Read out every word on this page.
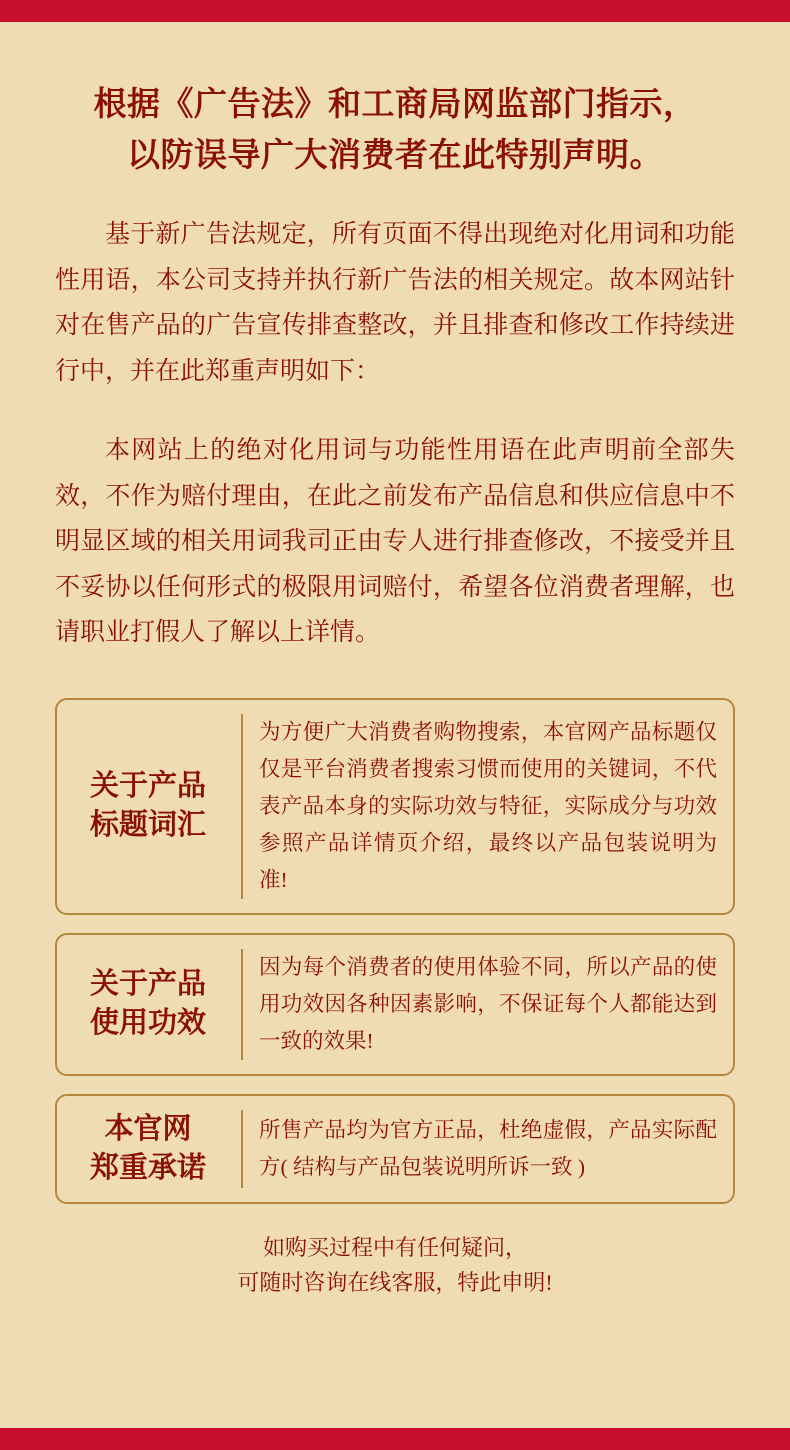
根据《广告法》和工商局网监部门指示，
以防误导广大消费者在此特别声明。

基于新广告法规定，所有页面不得出现绝对化用词和功能性用语，本公司支持并执行新广告法的相关规定。故本网站针对在售产品的广告宣传排查整改，并且排查和修改工作持续进行中，并在此郑重声明如下：

本网站上的绝对化用词与功能性用语在此声明前全部失效，不作为赔付理由，在此之前发布产品信息和供应信息中不明显区域的相关用词我司正由专人进行排查修改，不接受并且不妥协以任何形式的极限用词赔付，希望各位消费者理解，也请职业打假人了解以上详情。

关于产品
标题词汇
为方便广大消费者购物搜索，本官网产品标题仅仅是平台消费者搜索习惯而使用的关键词，不代表产品本身的实际功效与特征，实际成分与功效参照产品详情页介绍，最终以产品包装说明为准!
关于产品
使用功效
因为每个消费者的使用体验不同，所以产品的使用功效因各种因素影响，不保证每个人都能达到一致的效果!
本官网
郑重承诺
所售产品均为官方正品，杜绝虚假，产品实际配方( 结构与产品包装说明所诉一致 )
如购买过程中有任何疑问，
可随时咨询在线客服，特此申明!
